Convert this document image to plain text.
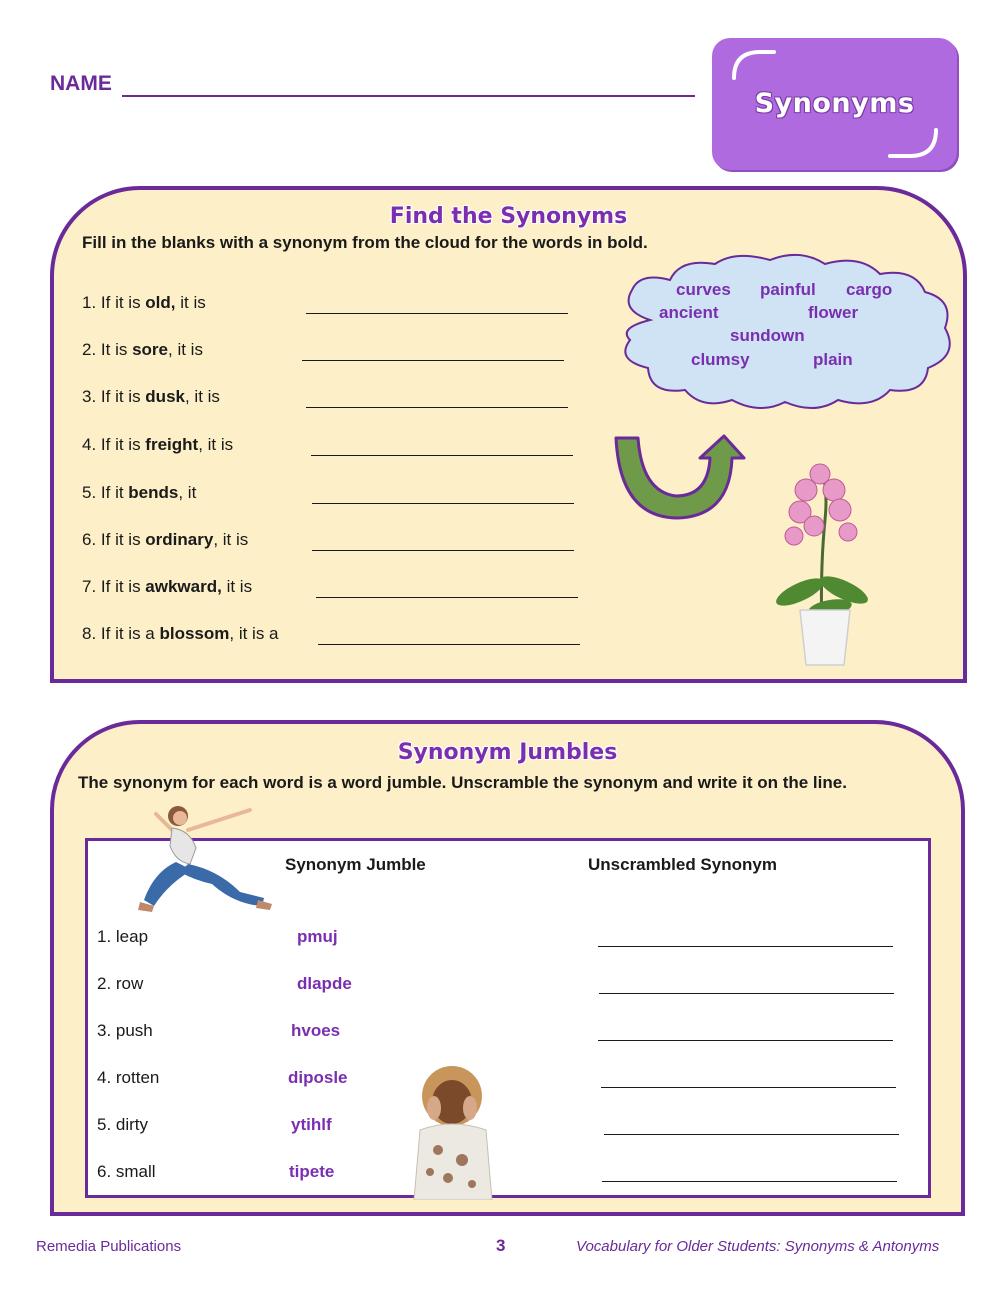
NAME
Synonyms
Find the Synonyms
Fill in the blanks with a synonym from the cloud for the words in bold.
1. If it is old, it is
2. It is sore, it is
3. If it is dusk, it is
4. If it is freight, it is
5. If it bends, it
6. If it is ordinary, it is
7. If it is awkward, it is
8. If it is a blossom, it is a
curves painful cargo
ancient	flower
sundown
clumsy	plain
Synonym Jumbles
The synonym for each word is a word jumble. Unscramble the synonym and write it on the line.
Synonym Jumble	Unscrambled Synonym
1. leap	pmuj
2. row	dlapde
3. push	hvoes
4. rotten	diposle
5. dirty	ytihlf
6. small	tipete
Remedia Publications	3	Vocabulary for Older Students: Synonyms & Antonyms
